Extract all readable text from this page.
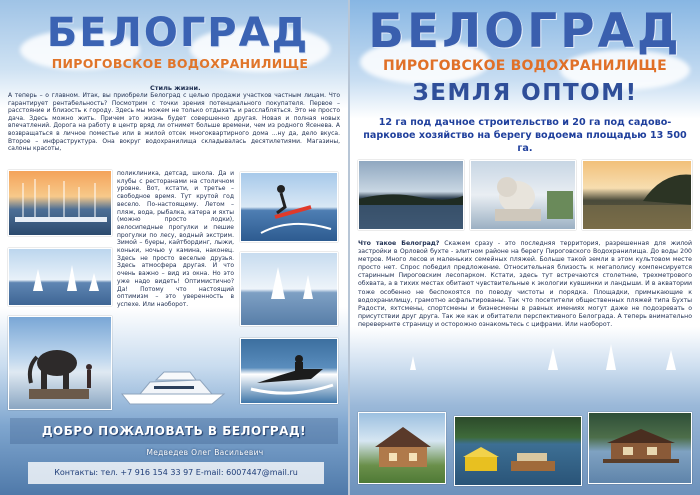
БЕЛОГРАД
ПИРОГОВСКОЕ ВОДОХРАНИЛИЩЕ
Стиль жизни.
А теперь – о главном. Итак, вы приобрели Белоград с целью продажи участков частным лицам. Что гарантирует рентабельность? Посмотрим с точки зрения потенциального покупателя. Первое – расстояние и близость к городу. Здесь мы можем не только отдыхать и расслабляться. Это не просто дача. Здесь можно жить. Причем это жизнь будет совершенно другая. Новая и полная новых впечатлений. Дорога на работу в центр вряд ли отнимет больше времени, чем из родного Ясенева. А возвращаться в личное поместье или в жилой отсек многоквартирного дома ...ну да, дело вкуса. Второе – инфраструктура. Она вокруг водохранилища складывалась десятилетиями. Магазины, салоны красоты,
поликлиника, детсад, школа. Да и клубы с ресторанами на столичном уровне. Вот, кстати, и третье – свободное время. Тут крутой год весело. По-настоящему. Летом – пляж, вода, рыбалка, катера и яхты (можно просто лодки), велосипедные прогулки и пешие прогулки по лесу, водный экстрим. Зимой – буеры, кайтбординг, лыжи, коньки, ночью у камина, наконец. Здесь не просто веселые друзья. Здесь атмосфера другая. И что очень важно – вид из окна. Но это уже надо видеть! Оптимистично? Да! Потому что настоящий оптимизм – это уверенность в успехе. Или наоборот.
ДОБРО ПОЖАЛОВАТЬ В БЕЛОГРАД!
Медведев Олег Васильевич
Контакты: тел. +7 916 154 33 97 E-mail: 6007447@mail.ru
БЕЛОГРАД
ПИРОГОВСКОЕ ВОДОХРАНИЛИЩЕ
ЗЕМЛЯ ОПТОМ!
12 га под дачное строительство и 20 га под садово-парковое хозяйство на берегу водоема площадью 13 500 га.
Что такое Белоград? Скажем сразу - это последняя территория, разрешенная для жилой застройки в Орловой бухте - элитном районе на берегу Пироговского Водохранилища. До воды 200 метров. Много лесов и маленьких семейных пляжей. Больше такой земли в этом культовом месте просто нет. Спрос победил предложение. Относительная близость к мегаполису компенсируется старинным Пироговским лесопарком. Кстати, здесь тут встречаются столетние, трехметрового обхвата, а в тихих местах обитают чувствительные к экологии кувшинки и ландыши. И в акватории тоже особенно не беспокоятся по поводу чистоты и порядка. Площадки, примыкающие к водохранилищу, грамотно асфальтированы. Так что посетители общественных пляжей типа Бухты Радости, яхтсмены, спортсмены и бизнесмены в равных имениях могут даже не подозревать о присутствии друг друга. Так же как и обитатели перспективного Белограда. А теперь внимательно переверните страницу и осторожно ознакомьтесь с цифрами. Или наоборот.
